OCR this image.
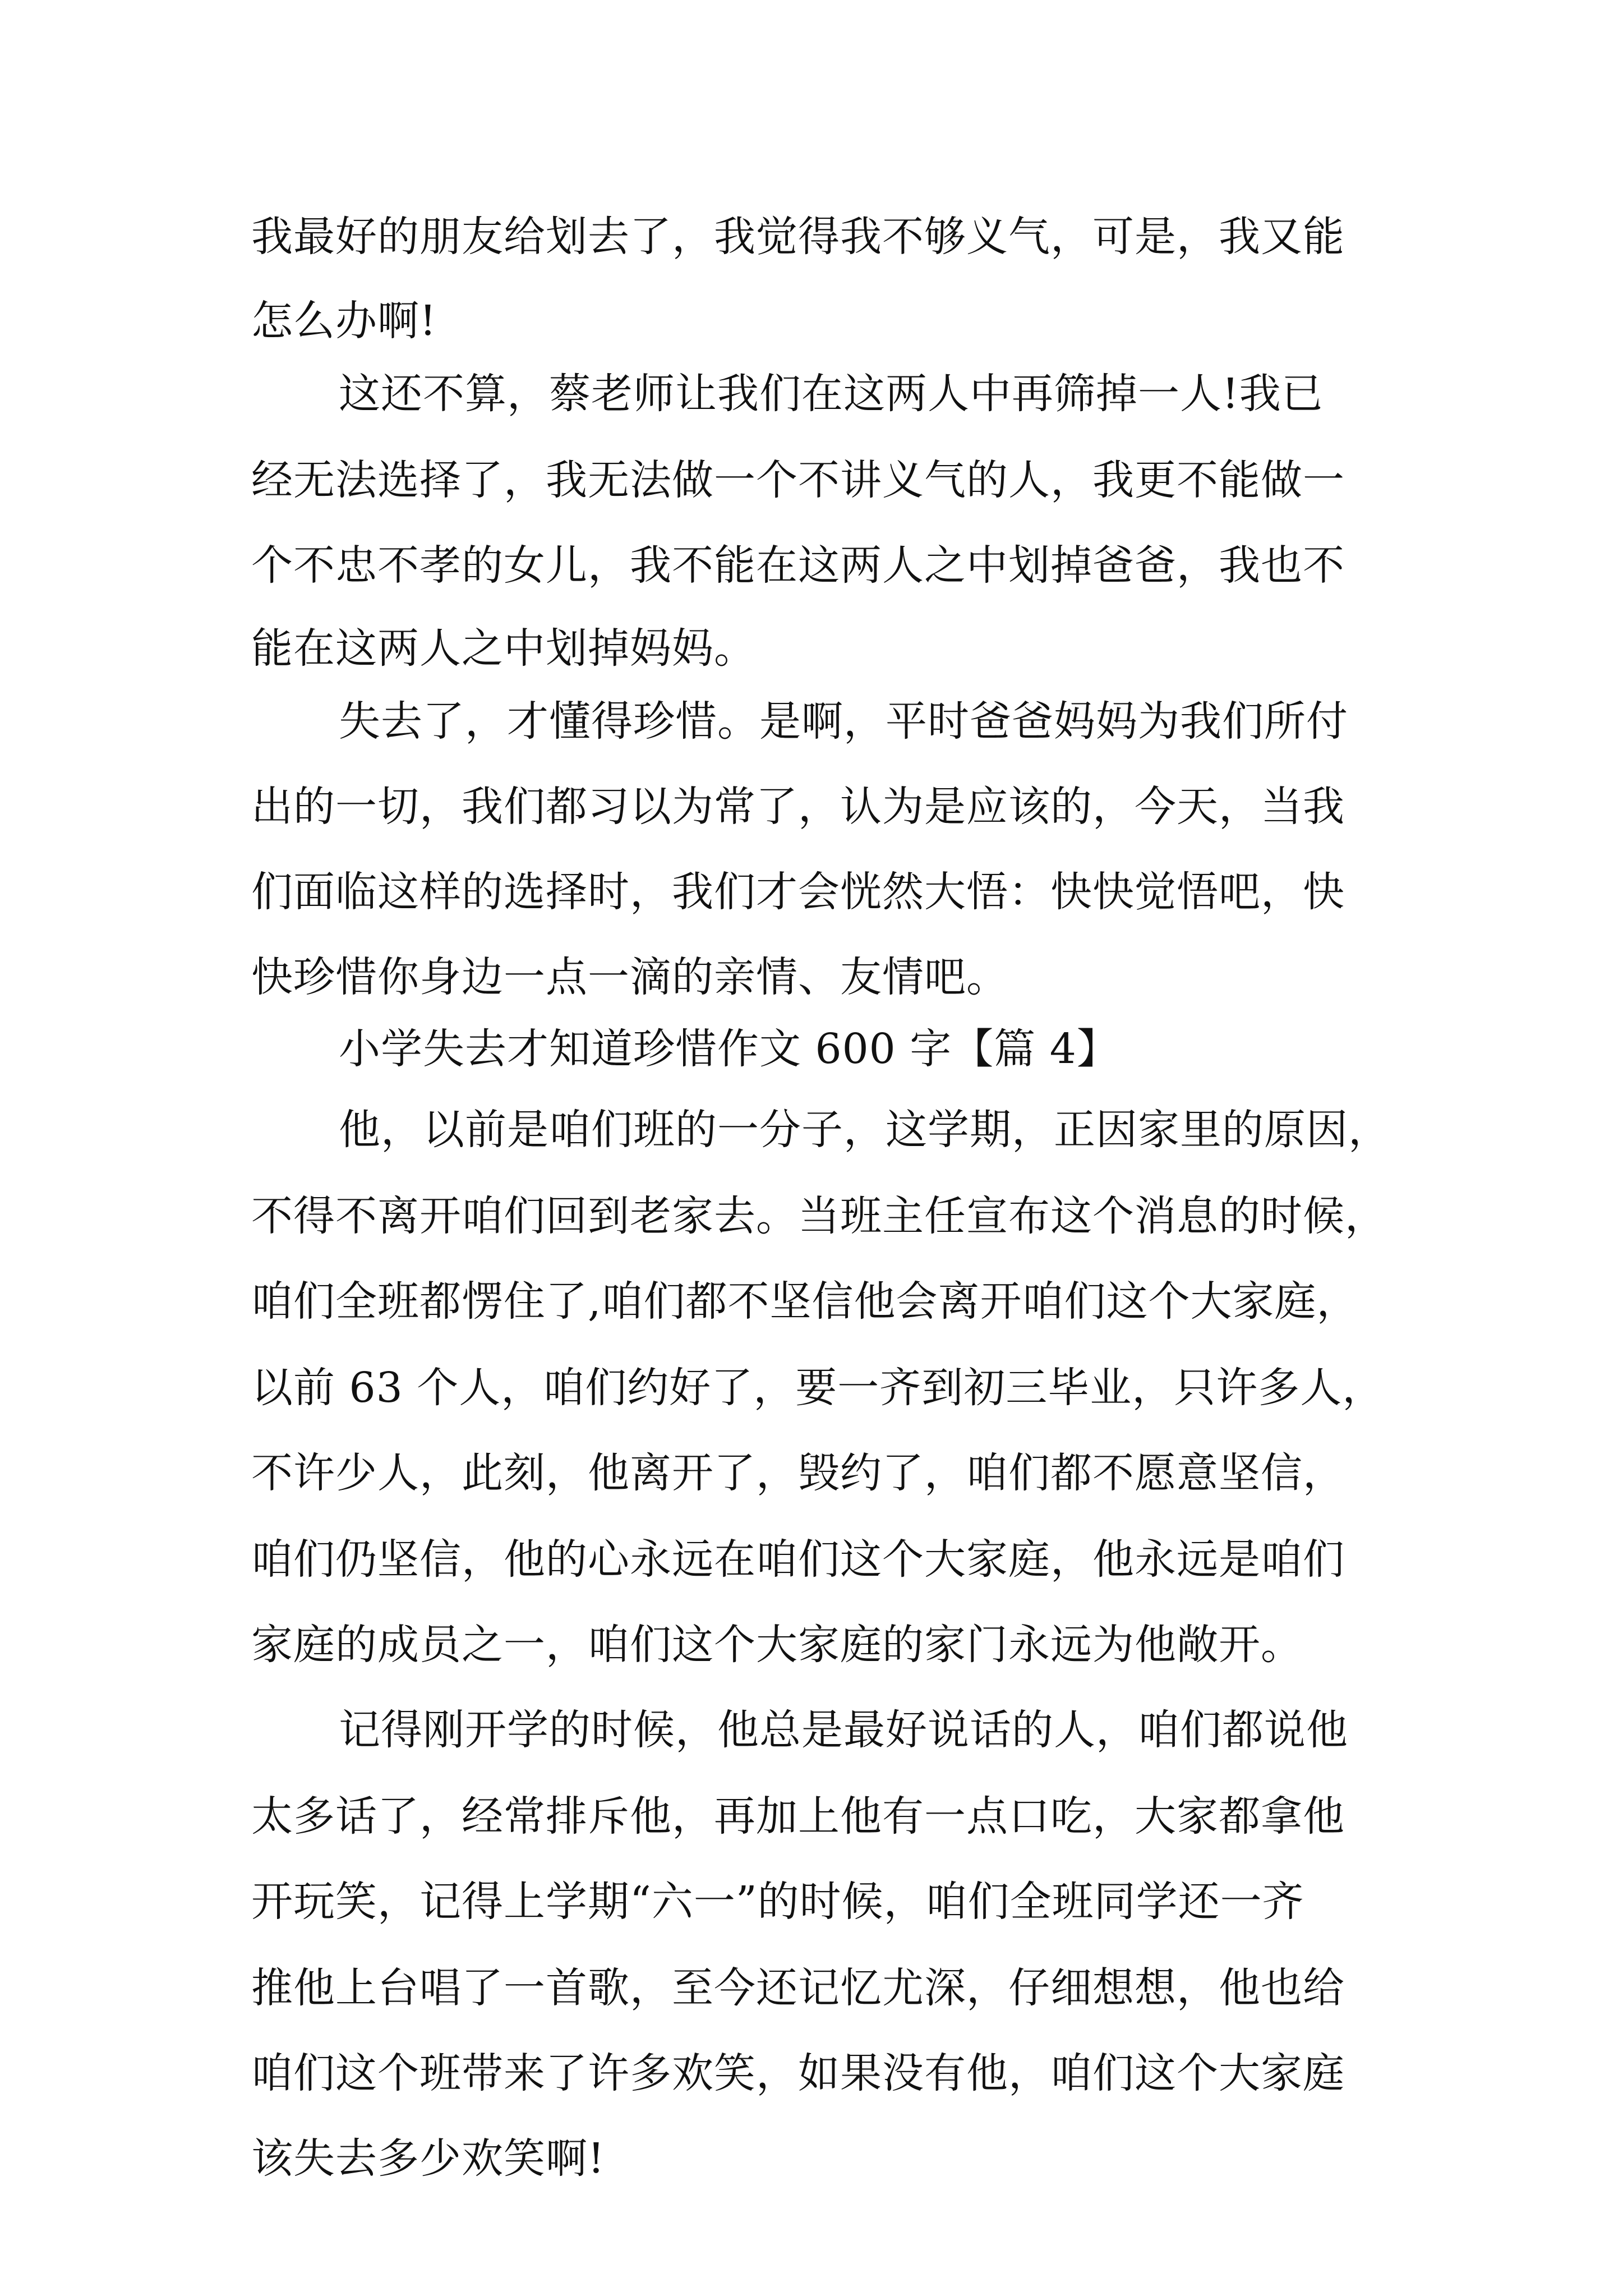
我最好的朋友给划去了，我觉得我不够义气，可是，我又能
怎么办啊!
这还不算，蔡老师让我们在这两人中再筛掉一人!我已
经无法选择了，我无法做一个不讲义气的人，我更不能做一
个不忠不孝的女儿，我不能在这两人之中划掉爸爸，我也不
能在这两人之中划掉妈妈。
失去了，才懂得珍惜。是啊，平时爸爸妈妈为我们所付
出的一切，我们都习以为常了，认为是应该的，今天，当我
们面临这样的选择时，我们才会恍然大悟：快快觉悟吧，快
快珍惜你身边一点一滴的亲情、友情吧。
小学失去才知道珍惜作文 600 字【篇 4】
他，以前是咱们班的一分子，这学期，正因家里的原因，
不得不离开咱们回到老家去。当班主任宣布这个消息的时候，
咱们全班都愣住了,咱们都不坚信他会离开咱们这个大家庭，
以前 63 个人，咱们约好了，要一齐到初三毕业，只许多人，
不许少人，此刻，他离开了，毁约了，咱们都不愿意坚信，
咱们仍坚信，他的心永远在咱们这个大家庭，他永远是咱们
家庭的成员之一，咱们这个大家庭的家门永远为他敞开。
记得刚开学的时候，他总是最好说话的人，咱们都说他
太多话了，经常排斥他，再加上他有一点口吃，大家都拿他
开玩笑，记得上学期“六一”的时候，咱们全班同学还一齐
推他上台唱了一首歌，至今还记忆尤深，仔细想想，他也给
咱们这个班带来了许多欢笑，如果没有他，咱们这个大家庭
该失去多少欢笑啊!
